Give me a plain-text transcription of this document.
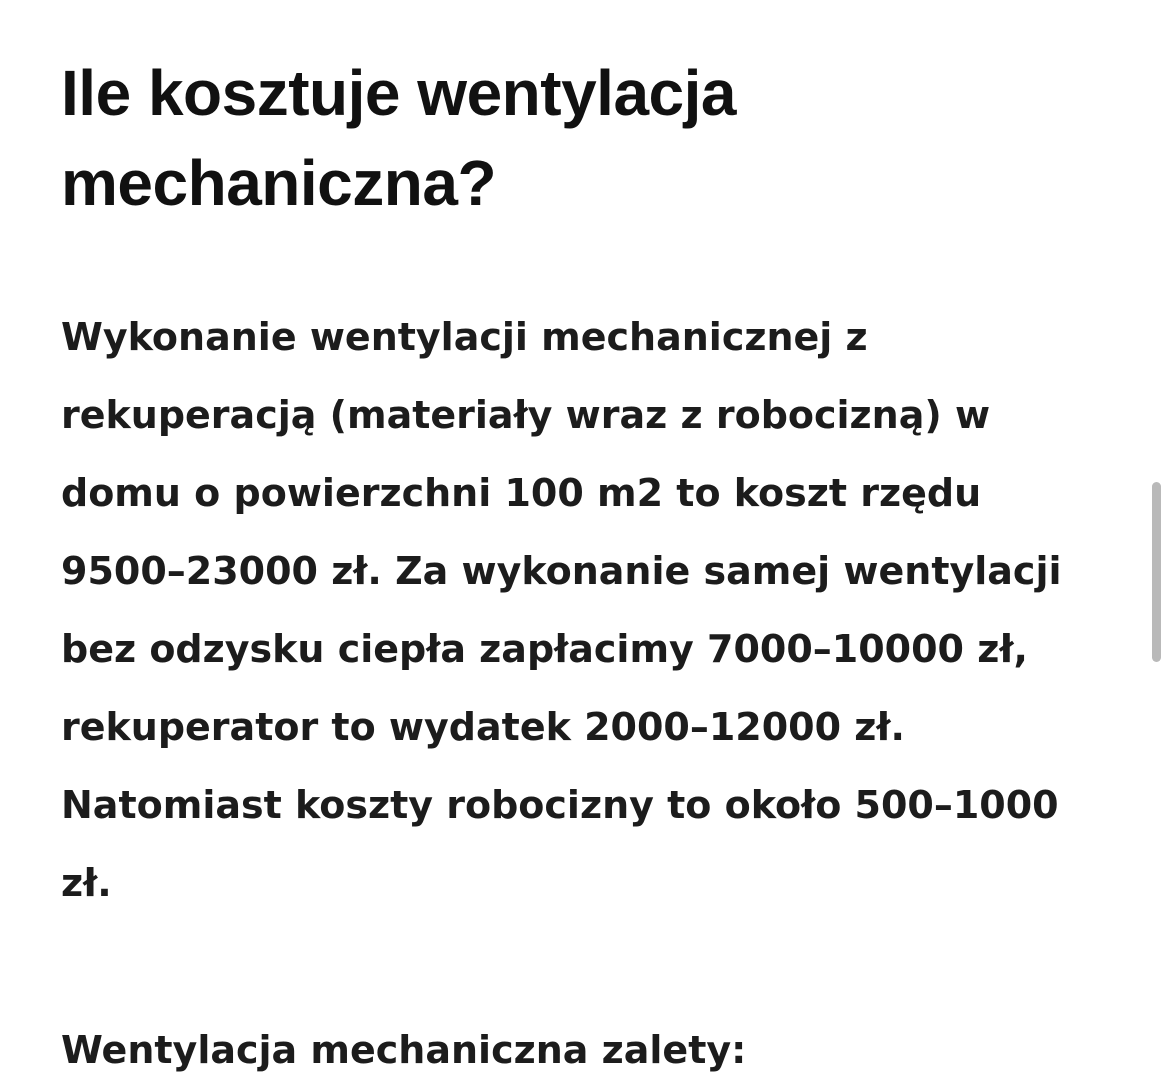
Ile kosztuje wentylacja mechaniczna?

Wykonanie wentylacji mechanicznej z rekuperacją (materiały wraz z robocizną) w domu o powierzchni 100 m2 to koszt rzędu 9500–23000 zł. Za wykonanie samej wentylacji bez odzysku ciepła zapłacimy 7000–10000 zł, rekuperator to wydatek 2000–12000 zł. Natomiast koszty robocizny to około 500–1000 zł.

Wentylacja mechaniczna zalety:
